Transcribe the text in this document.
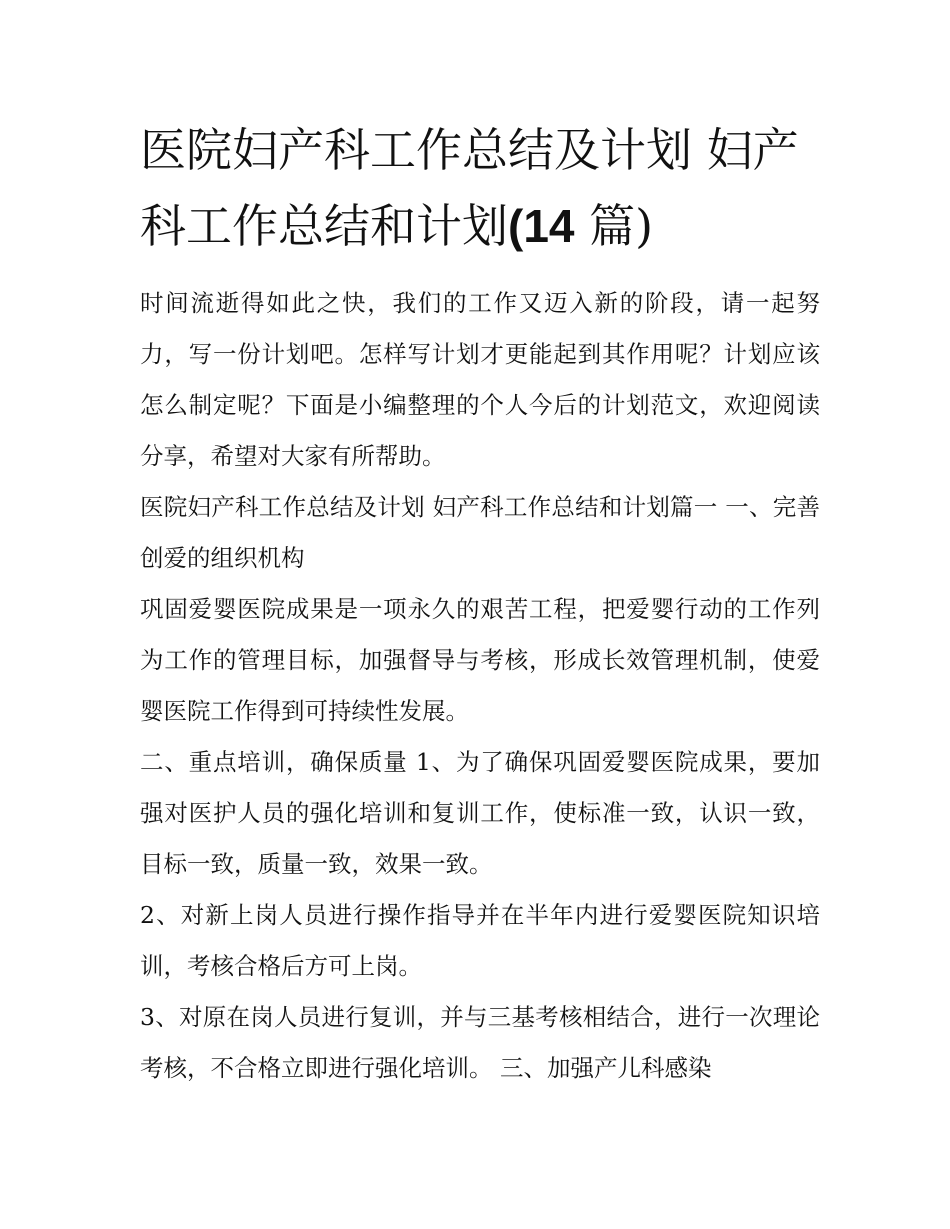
医院妇产科工作总结及计划 妇产科工作总结和计划(14 篇)

时间流逝得如此之快，我们的工作又迈入新的阶段，请一起努力，写一份计划吧。怎样写计划才更能起到其作用呢？计划应该怎么制定呢？下面是小编整理的个人今后的计划范文，欢迎阅读分享，希望对大家有所帮助。

医院妇产科工作总结及计划 妇产科工作总结和计划篇一 一、完善创爱的组织机构

巩固爱婴医院成果是一项永久的艰苦工程，把爱婴行动的工作列为工作的管理目标，加强督导与考核，形成长效管理机制，使爱婴医院工作得到可持续性发展。

二、重点培训，确保质量 1、为了确保巩固爱婴医院成果，要加强对医护人员的强化培训和复训工作，使标准一致，认识一致，目标一致，质量一致，效果一致。

2、对新上岗人员进行操作指导并在半年内进行爱婴医院知识培训，考核合格后方可上岗。

3、对原在岗人员进行复训，并与三基考核相结合，进行一次理论考核，不合格立即进行强化培训。 三、加强产儿科感染
